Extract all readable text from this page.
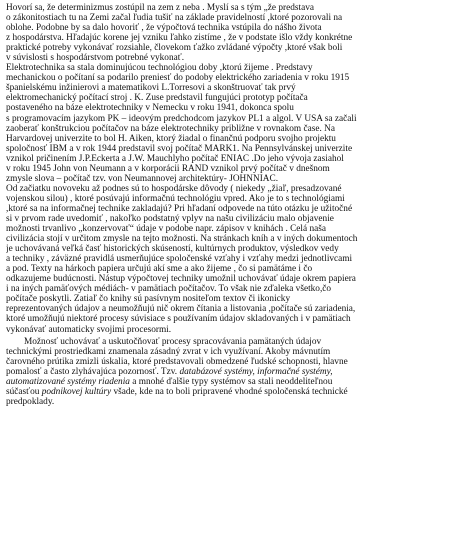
Hovorí sa, že determinizmus zostúpil na zem z neba . Myslí sa s tým „že predstava
o zákonitostiach tu na Zemi začal ľudia tušiť na základe pravidelností ,ktoré pozorovali na
oblohe. Podobne by sa dalo hovoriť , že výpočtová technika vstúpila do nášho života
z hospodárstva. Hľadajúc korene jej vzniku ľahko zistíme , že v podstate išlo vždy konkrétne
praktické potreby vykonávať rozsiahle, človekom ťažko zvládané výpočty ,ktoré však boli
v súvislosti s hospodárstvom potrebné vykonať.
Elektrotechnika sa stala dominujúcou technológiou doby ,ktorú žijeme . Predstavy
mechanickou o počítaní sa podarilo preniesť do podoby elektrického zariadenia v roku 1915
španielskému inžinierovi a matematikovi L.Torresovi a skonštruovať tak prvý
elektromechanický počítací stroj . K. Zuse predstavil fungujúci prototyp počítača
postaveného na báze elektrotechniky v Nemecku v roku 1941, dokonca spolu
s programovacím jazykom PK – ideovým predchodcom jazykov PL1 a algol. V USA sa začali
zaoberať konštrukciou počítačov na báze elektrotechniky približne v rovnakom čase. Na
Harvardovej univerzite to bol H. Aiken, ktorý žiadal o finančnú podporu svojho projektu
spoločnosť IBM a v rok 1944 predstavil svoj počítač MARK1. Na Pennsylvánskej univerzite
vznikol pričinením J.P.Eckerta a J.W. Mauchlyho počítač ENIAC .Do jeho vývoja zasiahol
v roku 1945 John von Neumann a v korporácii RAND vznikol prvý počítač v dnešnom
zmysle slova – počítač tzv. von Neumannovej architektúry- JOHNNIAC.
Od začiatku novoveku až podnes sú to hospodárske dôvody ( niekedy „žiaľ, presadzované
vojenskou silou) , ktoré posúvajú informačnú technológiu vpred. Ako je to s technológiami
,ktoré sa na informačnej technike zakladajú? Pri hľadaní odpovede na túto otázku je užitočné
si v prvom rade uvedomiť , nakoľko podstatný vplyv na našu civilizáciu malo objavenie
možnosti trvanlivo „konzervovať“ údaje v podobe napr. zápisov v knihách . Celá naša
civilizácia stojí v určitom zmysle na tejto možnosti. Na stránkach kníh a v iných dokumentoch
je uchovávaná veľká časť historických skúseností, kultúrnych produktov, výsledkov vedy
a techniky , záväzné pravidlá usmerňujúce spoločenské vzťahy i vzťahy medzi jednotlivcami
a pod. Texty na hárkoch papiera určujú akí sme a ako žijeme , čo si pamätáme i čo
odkazujeme budúcnosti. Nástup výpočtovej techniky umožnil uchovávať údaje okrem papiera
i na iných pamäťových médiách- v pamätiach počítačov. To však nie zďaleka všetko,čo
počítače poskytli. Zatiaľ čo knihy sú pasívnym nositeľom textov či ikonicky
reprezentovaných údajov a neumožňujú nič okrem čítania a listovania ,počítače sú zariadenia,
ktoré umožňujú niektoré procesy súvisiace s používaním údajov skladovaných i v pamätiach
vykonávať automaticky svojimi procesormi.
Možnosť uchovávať a uskutočňovať procesy spracovávania pamätaných údajov
technickými prostriedkami znamenala zásadný zvrat v ich využívaní. Akoby mávnutím
čarovného prútika zmizli úskalia, ktoré predstavovali obmedzené ľudské schopnosti, hlavne
pomalosť a často zlyhávajúca pozornosť. Tzv. databázové systémy, informačné systémy,
automatizované systémy riadenia a mnohé ďalšie typy systémov sa stali neoddeliteľnou
súčasťou podnikovej kultúry všade, kde na to boli pripravené vhodné spoločenská technické
predpoklady.
